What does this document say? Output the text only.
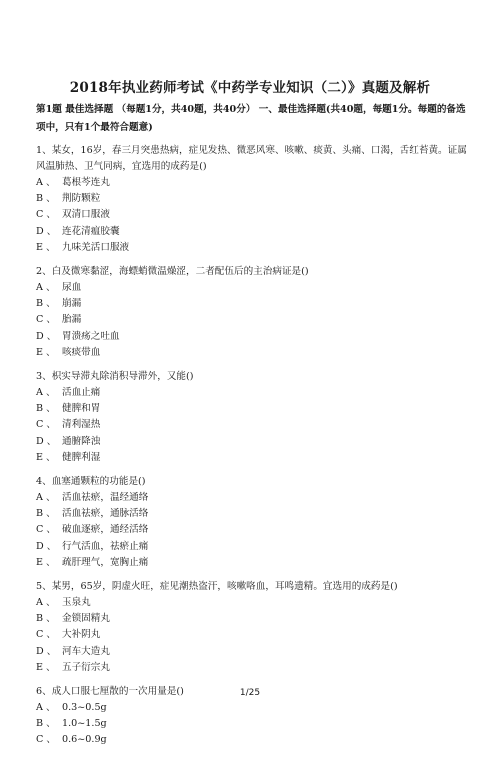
2018年执业药师考试《中药学专业知识（二）》真题及解析
第1题 最佳选择题 （每题1分，共40题，共40分） 一、最佳选择题(共40题，每题1分。每题的备选项中，只有1个最符合题意)
1、某女，16岁，春三月突患热病，症见发热、微恶风寒、咳嗽、痰黄、头痛、口渴，舌红苔黄。证属风温肺热、卫气同病，宜选用的成药是()
A 、 葛根芩连丸
B 、 荆防颗粒
C 、 双清口服液
D 、 连花清瘟胶囊
E 、 九味羌活口服液
2、白及微寒黏涩，海螵蛸微温燥涩，二者配伍后的主治病证是()
A 、 尿血
B 、 崩漏
C 、 胎漏
D 、 胃溃疡之吐血
E 、 咳痰带血
3、枳实导滞丸除消积导滞外，又能()
A 、 活血止痛
B 、 健脾和胃
C 、 清利湿热
D 、 通腑降浊
E 、 健脾利湿
4、血塞通颗粒的功能是()
A 、 活血祛瘀，温经通络
B 、 活血祛瘀，通脉活络
C 、 破血逐瘀，通经活络
D 、 行气活血，祛瘀止痛
E 、 疏肝理气，宽胸止痛
5、某男，65岁，阴虚火旺，症见潮热盗汗，咳嗽咯血，耳鸣遗精。宜选用的成药是()
A 、 玉泉丸
B 、 金锁固精丸
C 、 大补阴丸
D 、 河车大造丸
E 、 五子衍宗丸
6、成人口服七厘散的一次用量是()
A 、 0.3~0.5g
B 、 1.0~1.5g
C 、 0.6~0.9g
1/25
